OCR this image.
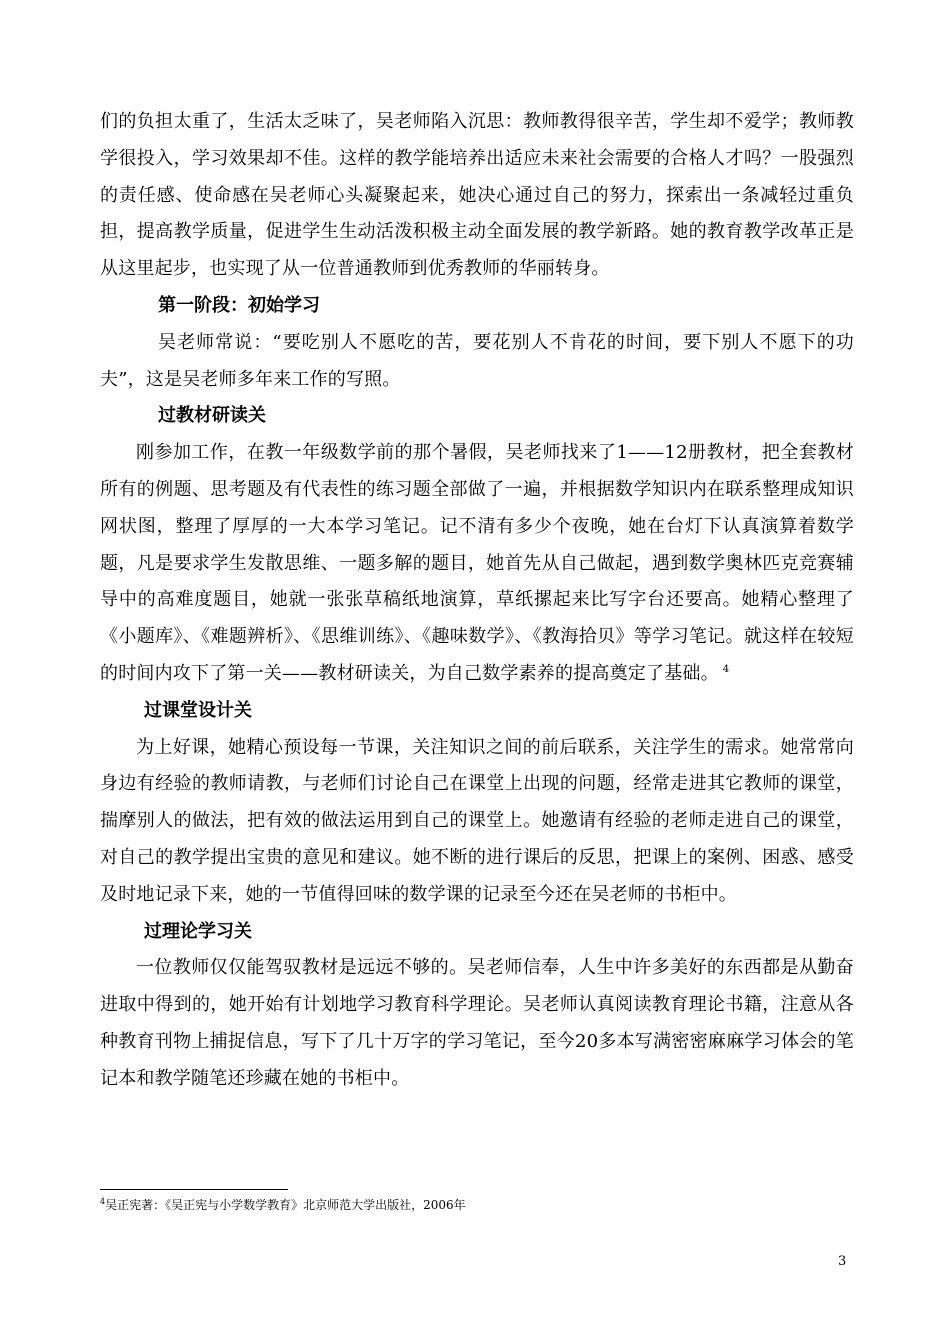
们的负担太重了，生活太乏味了，吴老师陷入沉思：教师教得很辛苦，学生却不爱学；教师教学很投入，学习效果却不佳。这样的教学能培养出适应未来社会需要的合格人才吗？一股强烈的责任感、使命感在吴老师心头凝聚起来，她决心通过自己的努力，探索出一条减轻过重负担，提高教学质量，促进学生生动活泼积极主动全面发展的教学新路。她的教育教学改革正是从这里起步，也实现了从一位普通教师到优秀教师的华丽转身。

第一阶段：初始学习

吴老师常说：“要吃别人不愿吃的苦，要花别人不肯花的时间，要下别人不愿下的功夫”，这是吴老师多年来工作的写照。

过教材研读关

刚参加工作，在教一年级数学前的那个暑假，吴老师找来了1——12册教材，把全套教材所有的例题、思考题及有代表性的练习题全部做了一遍，并根据数学知识内在联系整理成知识网状图，整理了厚厚的一大本学习笔记。记不清有多少个夜晚，她在台灯下认真演算着数学题，凡是要求学生发散思维、一题多解的题目，她首先从自己做起，遇到数学奥林匹克竞赛辅导中的高难度题目，她就一张张草稿纸地演算，草纸摞起来比写字台还要高。她精心整理了《小题库》、《难题辨析》、《思维训练》、《趣味数学》、《教海拾贝》等学习笔记。就这样在较短的时间内攻下了第一关——教材研读关，为自己数学素养的提高奠定了基础。 $^4$

过课堂设计关

为上好课，她精心预设每一节课，关注知识之间的前后联系，关注学生的需求。她常常向身边有经验的教师请教，与老师们讨论自己在课堂上出现的问题，经常走进其它教师的课堂，揣摩别人的做法，把有效的做法运用到自己的课堂上。她邀请有经验的老师走进自己的课堂，对自己的教学提出宝贵的意见和建议。她不断的进行课后的反思，把课上的案例、困惑、感受及时地记录下来，她的一节值得回味的数学课的记录至今还在吴老师的书柜中。

过理论学习关

一位教师仅仅能驾驭教材是远远不够的。吴老师信奉，人生中许多美好的东西都是从勤奋进取中得到的，她开始有计划地学习教育科学理论。吴老师认真阅读教育理论书籍，注意从各种教育刊物上捕捉信息，写下了几十万字的学习笔记，至今20多本写满密密麻麻学习体会的笔记本和教学随笔还珍藏在她的书柜中。

$^4$吴正宪著：《吴正宪与小学数学教育》北京师范大学出版社，2006年
3
